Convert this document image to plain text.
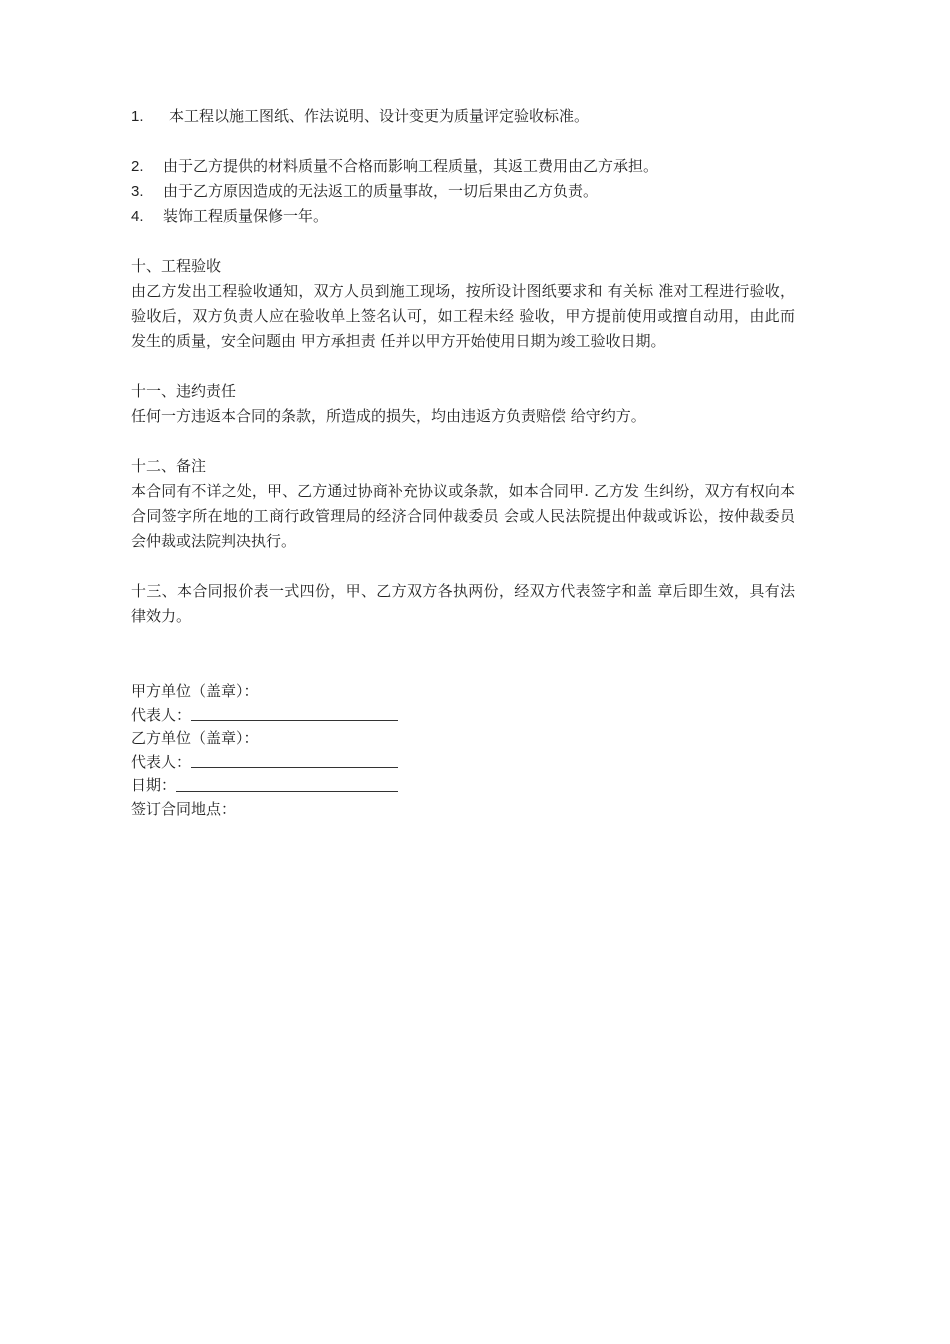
1.	本工程以施工图纸、作法说明、设计变更为质量评定验收标准。
2.	由于乙方提供的材料质量不合格而影响工程质量，其返工费用由乙方承担。
3.	由于乙方原因造成的无法返工的质量事故，一切后果由乙方负责。
4.	装饰工程质量保修一年。
十、工程验收
由乙方发出工程验收通知，双方人员到施工现场，按所设计图纸要求和 有关标 准对工程进行验收，验收后，双方负责人应在验收单上签名认可，如工程未经 验收，甲方提前使用或擅自动用，由此而发生的质量，安全问题由 甲方承担责 任并以甲方开始使用日期为竣工验收日期。
十一、违约责任
任何一方违返本合同的条款，所造成的损失，均由违返方负责赔偿 给守约方。
十二、备注
本合同有不详之处，甲、乙方通过协商补充协议或条款，如本合同甲. 乙方发 生纠纷，双方有权向本合同签字所在地的工商行政管理局的经济合同仲裁委员 会或人民法院提出仲裁或诉讼，按仲裁委员会仲裁或法院判决执行。
十三、本合同报价表一式四份，甲、乙方双方各执两份，经双方代表签字和盖 章后即生效，具有法律效力。
甲方单位（盖章）：
代表人：
乙方单位（盖章）：
代表人：
日期：
签订合同地点：
